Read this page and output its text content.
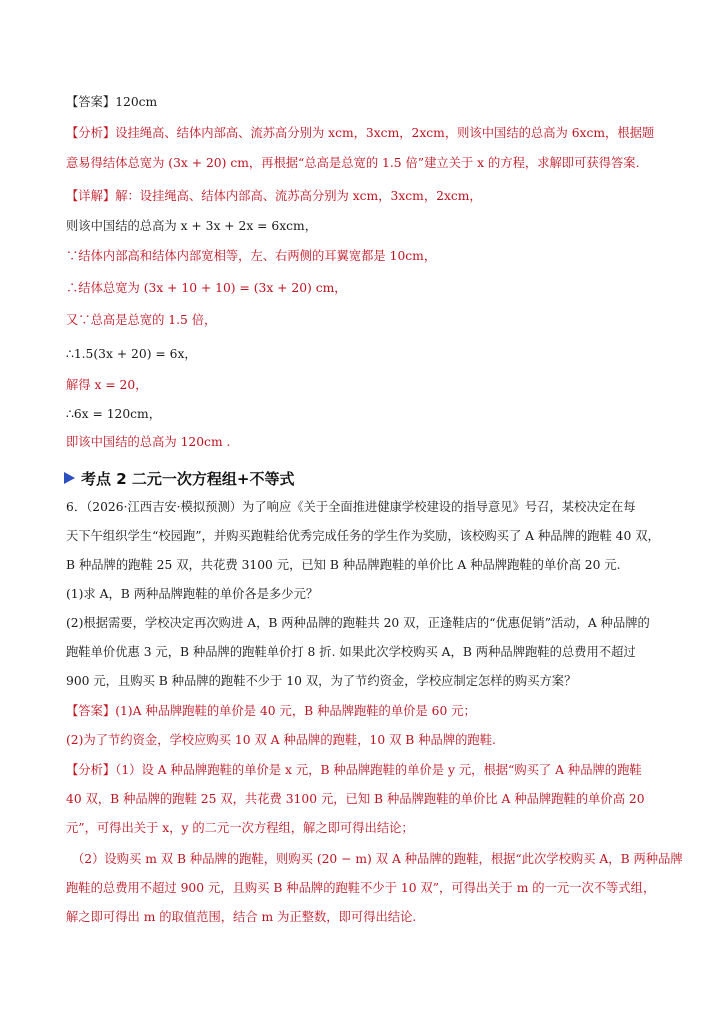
考点 2 二元一次方程组+不等式
【答案】120cm
【分析】设挂绳高、结体内部高、流苏高分别为 xcm，3xcm，2xcm，则该中国结的总高为 6xcm，根据题
意易得结体总宽为 (3x + 20) cm，再根据“总高是总宽的 1.5 倍”建立关于 x 的方程，求解即可获得答案.
【详解】解：设挂绳高、结体内部高、流苏高分别为 xcm，3xcm，2xcm，
则该中国结的总高为 x + 3x + 2x = 6xcm，
∵结体内部高和结体内部宽相等，左、右两侧的耳翼宽都是 10cm，
∴结体总宽为 (3x + 10 + 10) = (3x + 20) cm，
又∵总高是总宽的 1.5 倍，
∴1.5(3x + 20) = 6x，
解得 x = 20，
∴6x = 120cm，
即该中国结的总高为 120cm .
6．（2026·江西吉安·模拟预测）为了响应《关于全面推进健康学校建设的指导意见》号召，某校决定在每
天下午组织学生“校园跑”，并购买跑鞋给优秀完成任务的学生作为奖励，该校购买了 A 种品牌的跑鞋 40 双，
B 种品牌的跑鞋 25 双，共花费 3100 元，已知 B 种品牌跑鞋的单价比 A 种品牌跑鞋的单价高 20 元.
(1)求 A，B 两种品牌跑鞋的单价各是多少元？
(2)根据需要，学校决定再次购进 A，B 两种品牌的跑鞋共 20 双，正逢鞋店的“优惠促销”活动，A 种品牌的
跑鞋单价优惠 3 元，B 种品牌的跑鞋单价打 8 折. 如果此次学校购买 A，B 两种品牌跑鞋的总费用不超过
900 元，且购买 B 种品牌的跑鞋不少于 10 双，为了节约资金，学校应制定怎样的购买方案？
【答案】(1)A 种品牌跑鞋的单价是 40 元，B 种品牌跑鞋的单价是 60 元；
(2)为了节约资金，学校应购买 10 双 A 种品牌的跑鞋，10 双 B 种品牌的跑鞋.
【分析】（1）设 A 种品牌跑鞋的单价是 x 元，B 种品牌跑鞋的单价是 y 元，根据“购买了 A 种品牌的跑鞋
40 双，B 种品牌的跑鞋 25 双，共花费 3100 元，已知 B 种品牌跑鞋的单价比 A 种品牌跑鞋的单价高 20
元”，可得出关于 x，y 的二元一次方程组，解之即可得出结论；
（2）设购买 m 双 B 种品牌的跑鞋，则购买 (20 − m) 双 A 种品牌的跑鞋，根据“此次学校购买 A，B 两种品牌
跑鞋的总费用不超过 900 元，且购买 B 种品牌的跑鞋不少于 10 双”，可得出关于 m 的一元一次不等式组，
解之即可得出 m 的取值范围，结合 m 为正整数，即可得出结论.
